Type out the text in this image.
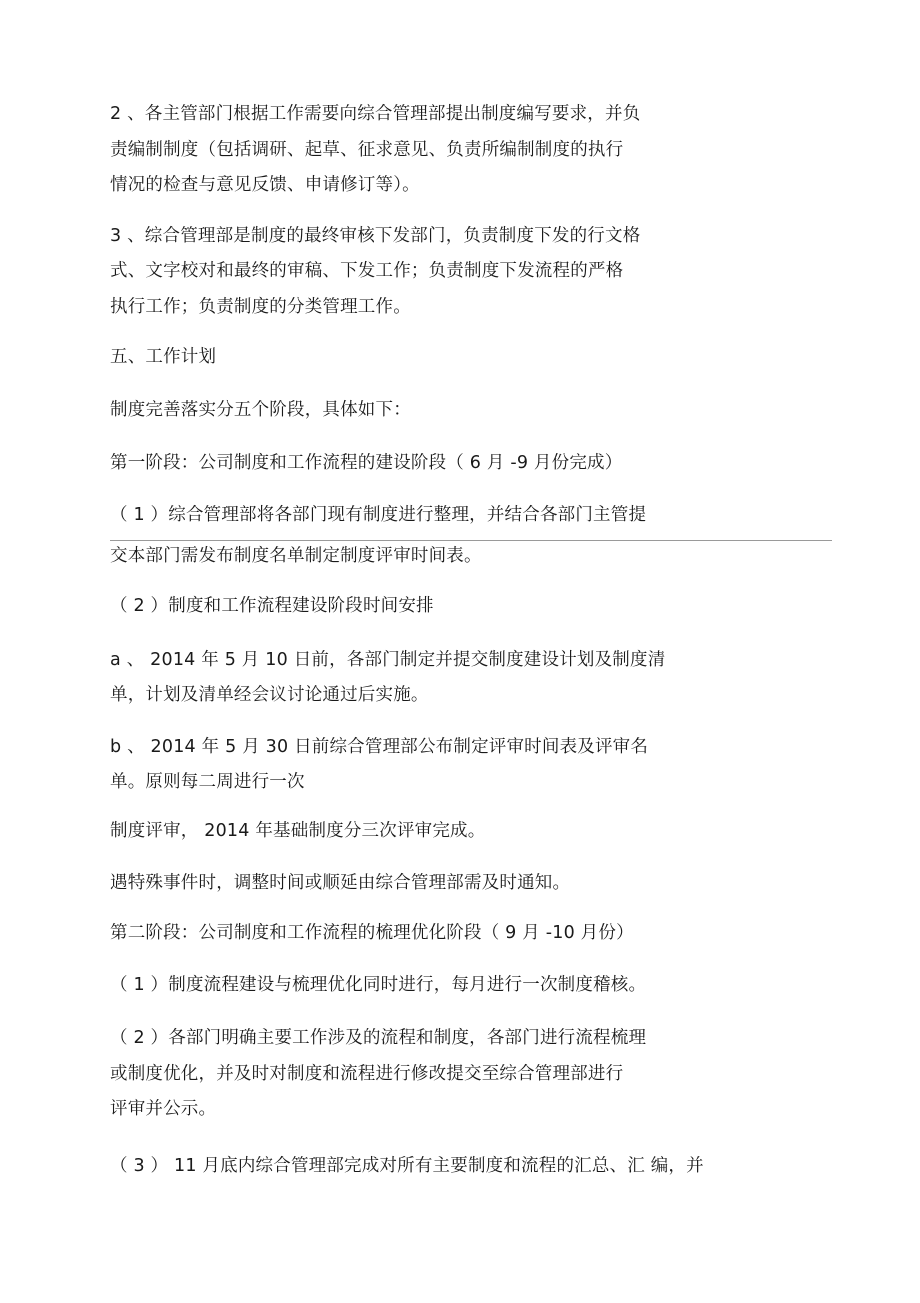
2 、各主管部门根据工作需要向综合管理部提出制度编写要求，并负
责编制制度（包括调研、起草、征求意见、负责所编制制度的执行
情况的检查与意见反馈、申请修订等）。
3 、综合管理部是制度的最终审核下发部门，负责制度下发的行文格
式、文字校对和最终的审稿、下发工作；负责制度下发流程的严格
执行工作；负责制度的分类管理工作。
五、工作计划
制度完善落实分五个阶段，具体如下：
第一阶段：公司制度和工作流程的建设阶段（ 6 月 -9 月份完成）
（ 1 ）综合管理部将各部门现有制度进行整理，并结合各部门主管提
交本部门需发布制度名单制定制度评审时间表。
（ 2 ）制度和工作流程建设阶段时间安排
a 、 2014 年 5 月 10 日前，各部门制定并提交制度建设计划及制度清
单，计划及清单经会议讨论通过后实施。
b 、 2014 年 5 月 30 日前综合管理部公布制定评审时间表及评审名
单。原则每二周进行一次
制度评审， 2014 年基础制度分三次评审完成。
遇特殊事件时，调整时间或顺延由综合管理部需及时通知。
第二阶段：公司制度和工作流程的梳理优化阶段（ 9 月 -10 月份）
（ 1 ）制度流程建设与梳理优化同时进行，每月进行一次制度稽核。
（ 2 ）各部门明确主要工作涉及的流程和制度，各部门进行流程梳理
或制度优化，并及时对制度和流程进行修改提交至综合管理部进行
评审并公示。
（ 3 ） 11 月底内综合管理部完成对所有主要制度和流程的汇总、汇 编，并
